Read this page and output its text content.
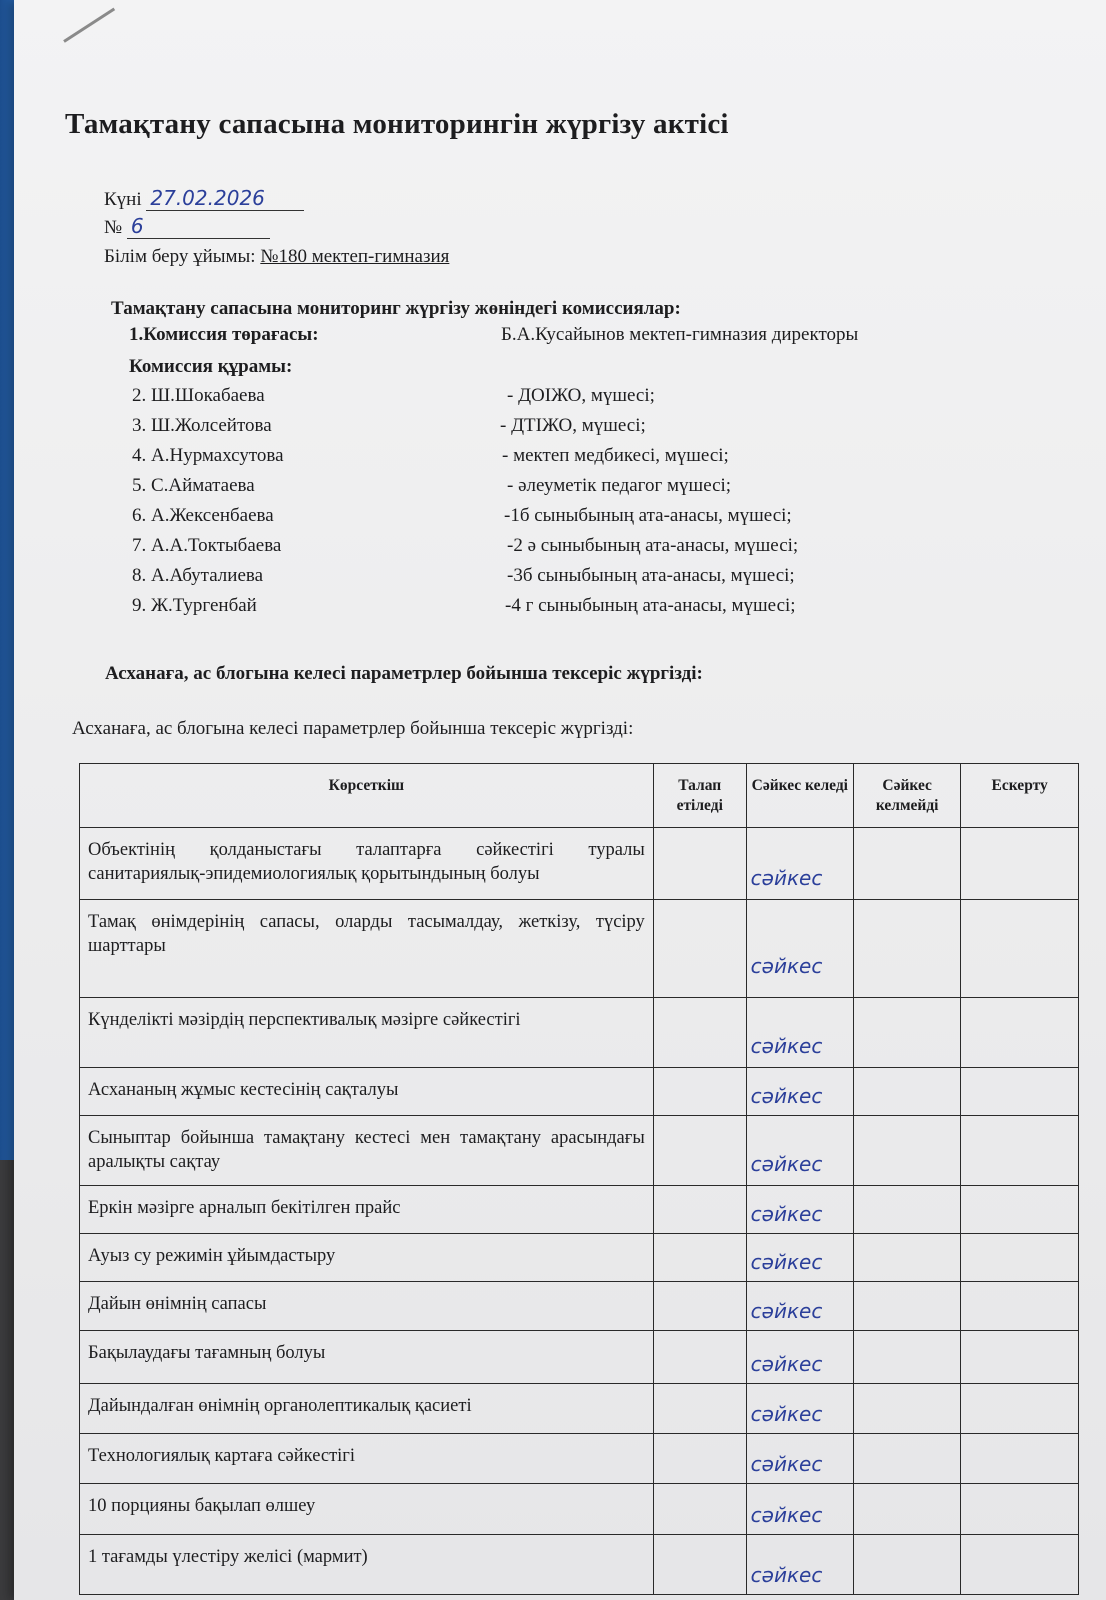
Тамақтану сапасына мониторингін жүргізу актісі
Күні 27.02.2026
№ 6
Білім беру ұйымы: №180 мектеп-гимназия
Тамақтану сапасына мониторинг жүргізу жөніндегі комиссиялар:
1.Комиссия төрағасы:	Б.А.Кусайынов мектеп-гимназия директоры
Комиссия құрамы:
2. Ш.Шокабаева	- ДОІЖО, мүшесі;
3. Ш.Жолсейтова	- ДТІЖО, мүшесі;
4. А.Нурмахсутова	- мектеп медбикесі, мүшесі;
5. С.Айматаева	- әлеуметік педагог мүшесі;
6. А.Жексенбаева	-1б сыныбының ата-анасы, мүшесі;
7. А.А.Токтыбаева	-2 ә сыныбының ата-анасы, мүшесі;
8. А.Абуталиева	-3б сыныбының ата-анасы, мүшесі;
9. Ж.Тургенбай	-4 г сыныбының ата-анасы, мүшесі;
Асханаға, ас блогына келесі параметрлер бойынша тексеріс жүргізді:
Асханаға, ас блогына келесі параметрлер бойынша тексеріс жүргізді:
Көрсеткіш	Талап етіледі	Сәйкес келеді	Сәйкес келмейді	Ескерту
Объектінің қолданыстағы талаптарға сәйкестігі туралы санитариялық-эпидемиологиялық қорытындының болуы		сәйкес		
Тамақ өнімдерінің сапасы, оларды тасымалдау, жеткізу, түсіру шарттары		сәйкес		
Күнделікті мәзірдің перспективалық мәзірге сәйкестігі		сәйкес		
Асхананың жұмыс кестесінің сақталуы		сәйкес		
Сыныптар бойынша тамақтану кестесі мен тамақтану арасындағы аралықты сақтау		сәйкес		
Еркін мәзірге арналып бекітілген прайс		сәйкес		
Ауыз су режимін ұйымдастыру		сәйкес		
Дайын өнімнің сапасы		сәйкес		
Бақылаудағы тағамның болуы		сәйкес		
Дайындалған өнімнің органолептикалық қасиеті		сәйкес		
Технологиялық картаға сәйкестігі		сәйкес		
10 порцияны бақылап өлшеу		сәйкес		
1 тағамды үлестіру желісі (мармит)		сәйкес		
